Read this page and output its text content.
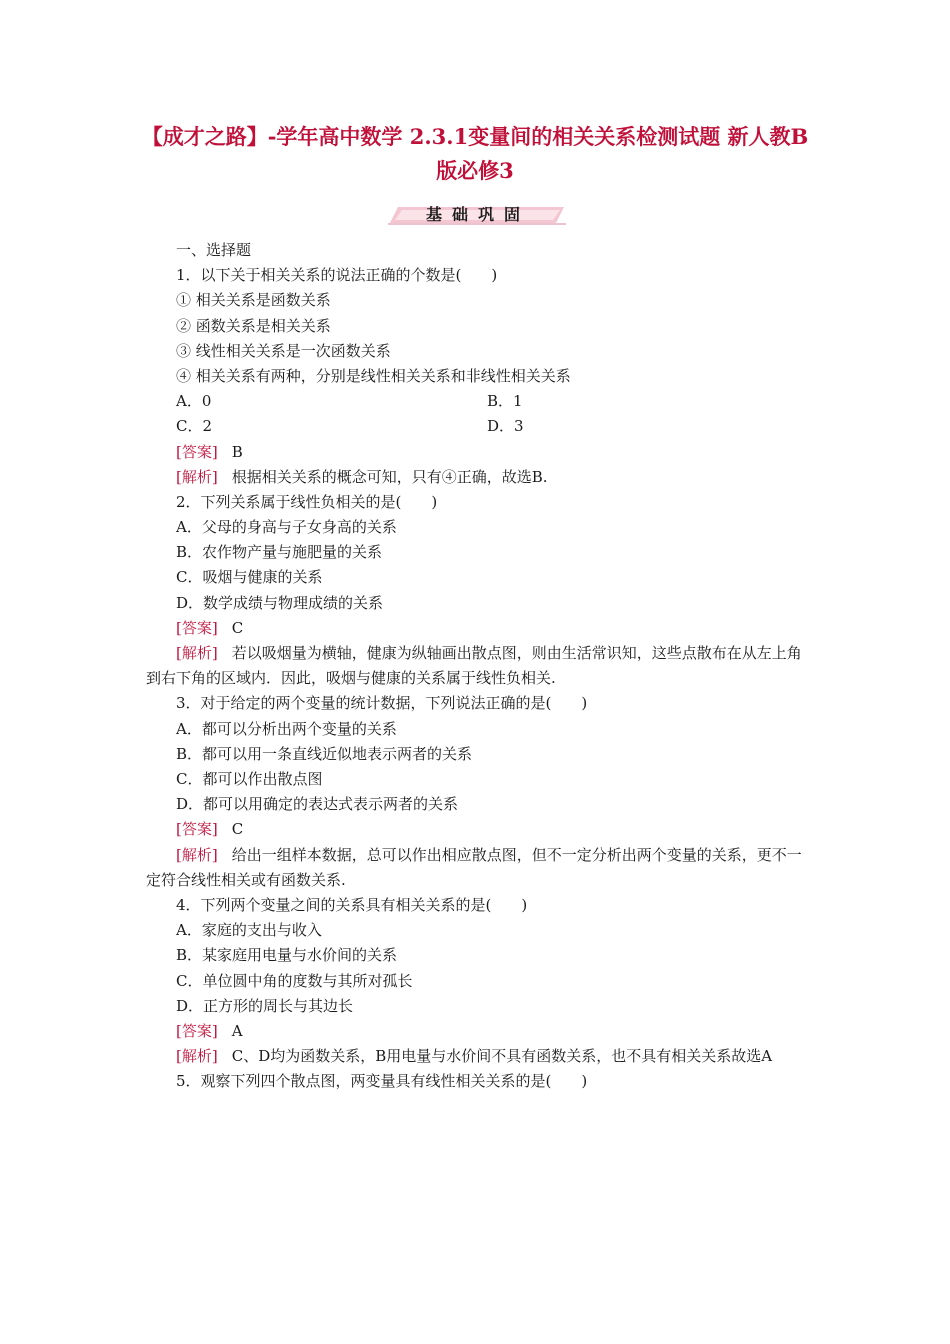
【成才之路】-学年高中数学 2.3.1变量间的相关关系检测试题 新人教B版必修3
基础巩固
一、选择题
1．以下关于相关关系的说法正确的个数是(　　)
① 相关关系是函数关系
② 函数关系是相关关系
③ 线性相关关系是一次函数关系
④ 相关关系有两种，分别是线性相关关系和非线性相关关系
A．0	B．1
C．2	D．3
[答案] B
[解析] 根据相关关系的概念可知，只有④正确，故选B.
2．下列关系属于线性负相关的是(　　)
A．父母的身高与子女身高的关系
B．农作物产量与施肥量的关系
C．吸烟与健康的关系
D．数学成绩与物理成绩的关系
[答案] C
[解析] 若以吸烟量为横轴，健康为纵轴画出散点图，则由生活常识知，这些点散布在从左上角到右下角的区域内．因此，吸烟与健康的关系属于线性负相关.
3．对于给定的两个变量的统计数据，下列说法正确的是(　　)
A．都可以分析出两个变量的关系
B．都可以用一条直线近似地表示两者的关系
C．都可以作出散点图
D．都可以用确定的表达式表示两者的关系
[答案] C
[解析] 给出一组样本数据，总可以作出相应散点图，但不一定分析出两个变量的关系，更不一定符合线性相关或有函数关系.
4．下列两个变量之间的关系具有相关关系的是(　　)
A．家庭的支出与收入
B．某家庭用电量与水价间的关系
C．单位圆中角的度数与其所对孤长
D．正方形的周长与其边长
[答案] A
[解析] C、D均为函数关系，B用电量与水价间不具有函数关系，也不具有相关关系故选A
5．观察下列四个散点图，两变量具有线性相关关系的是(　　)
